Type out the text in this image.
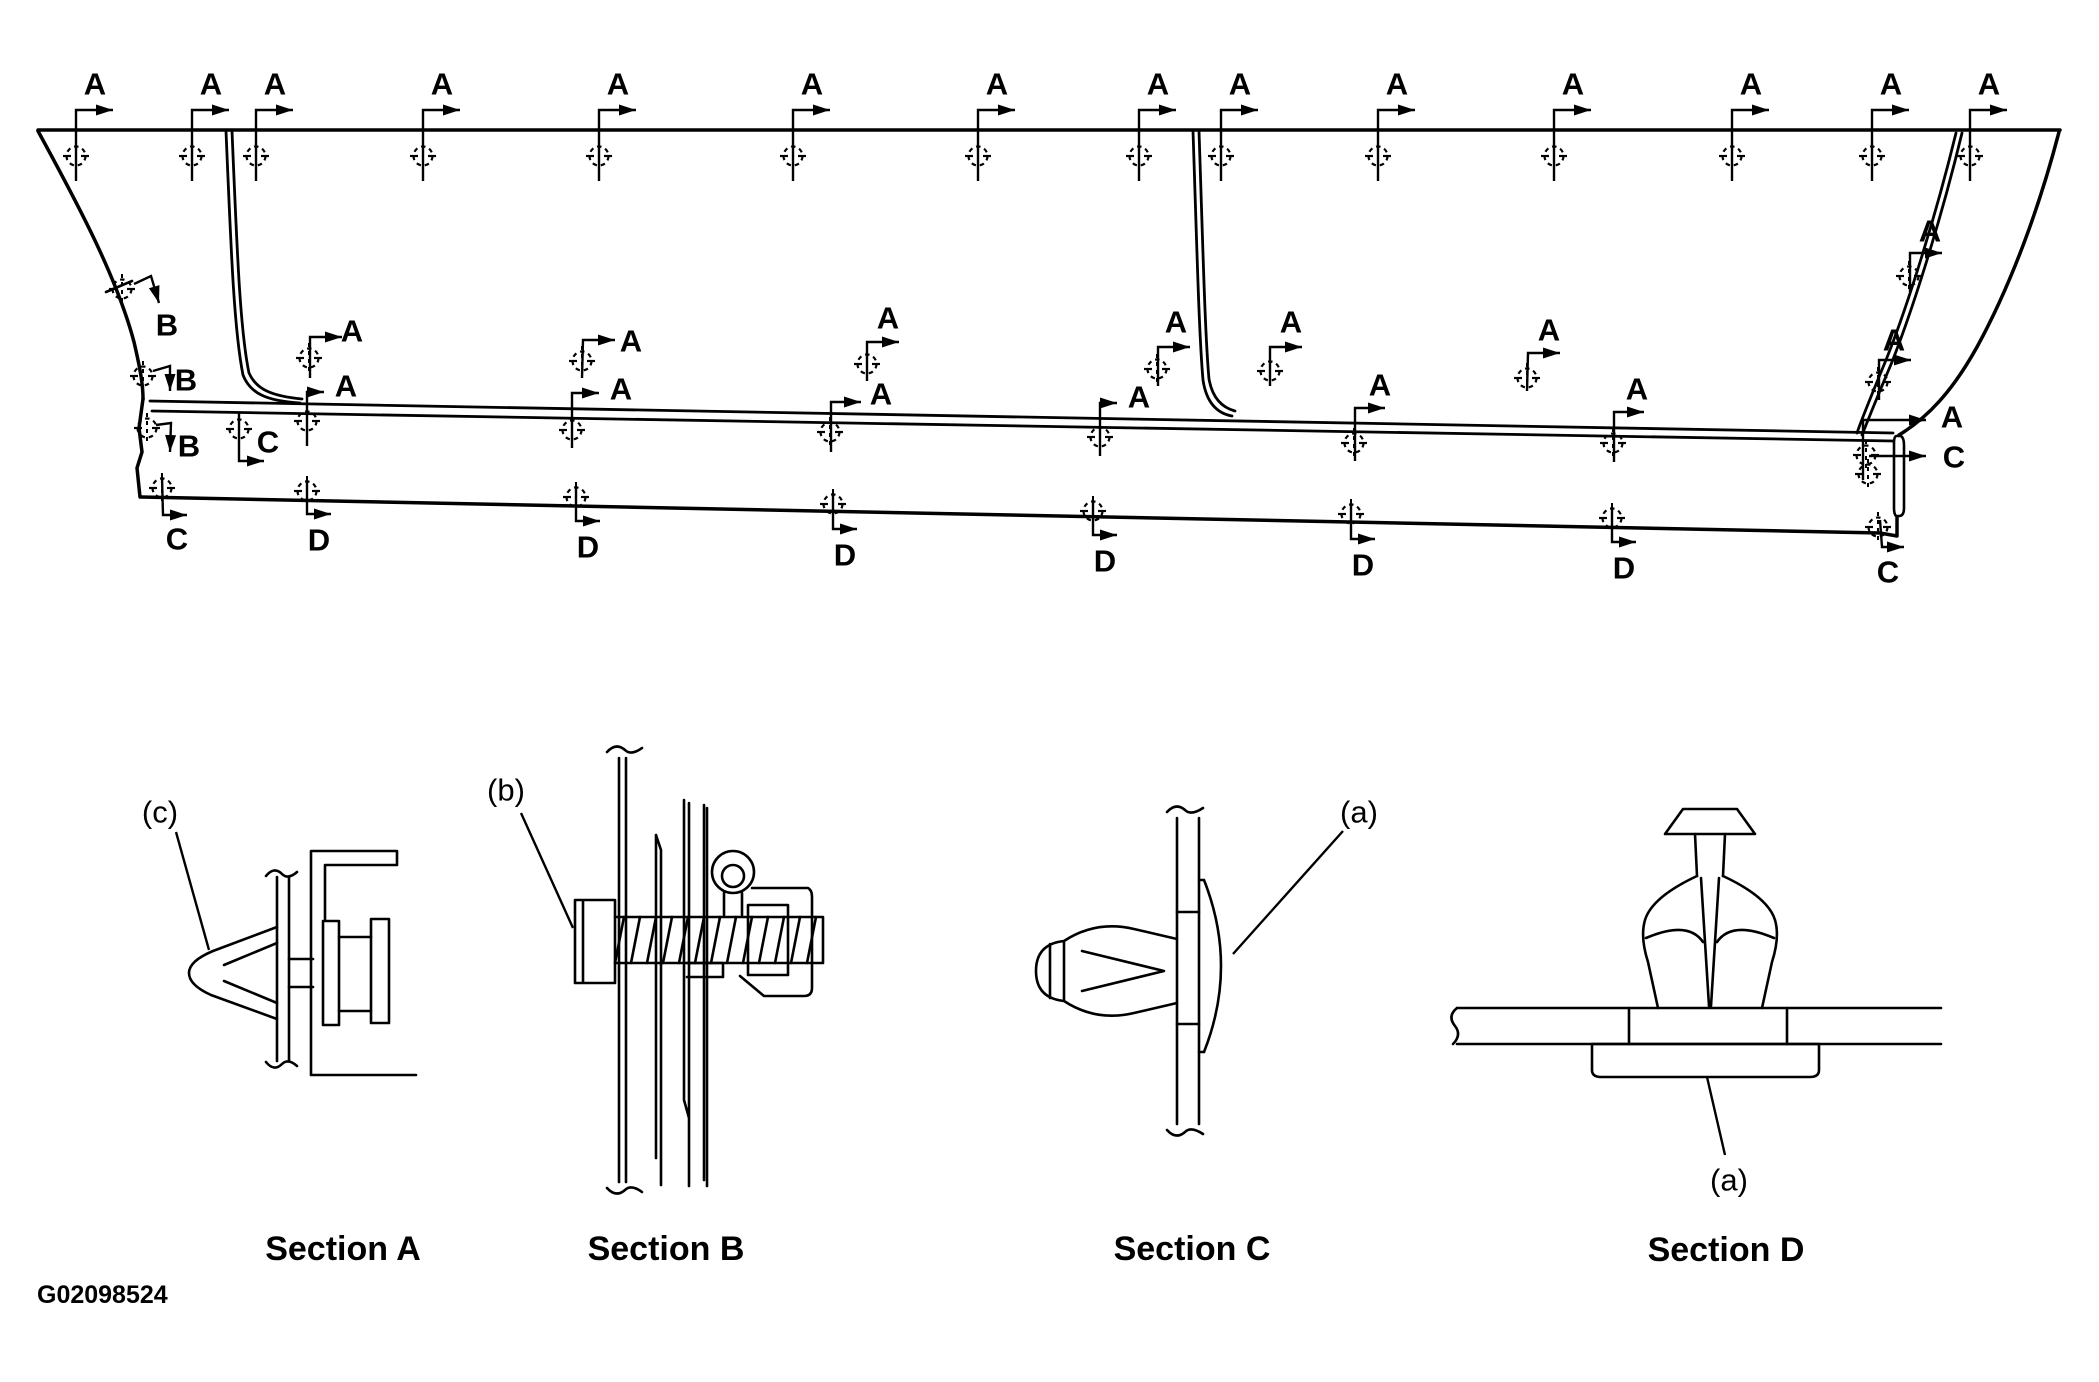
A	A A	A	A	A	A	A A	A	A	A	A A
A	A
A	A	A	A
A
A
A	A	A	A	A	A
A
B
B
B C
C
C
C
D	D	D	D	D	D
(c)
(b)
(a)
(a)
Section A	Section B	Section C	Section D
G02098524
